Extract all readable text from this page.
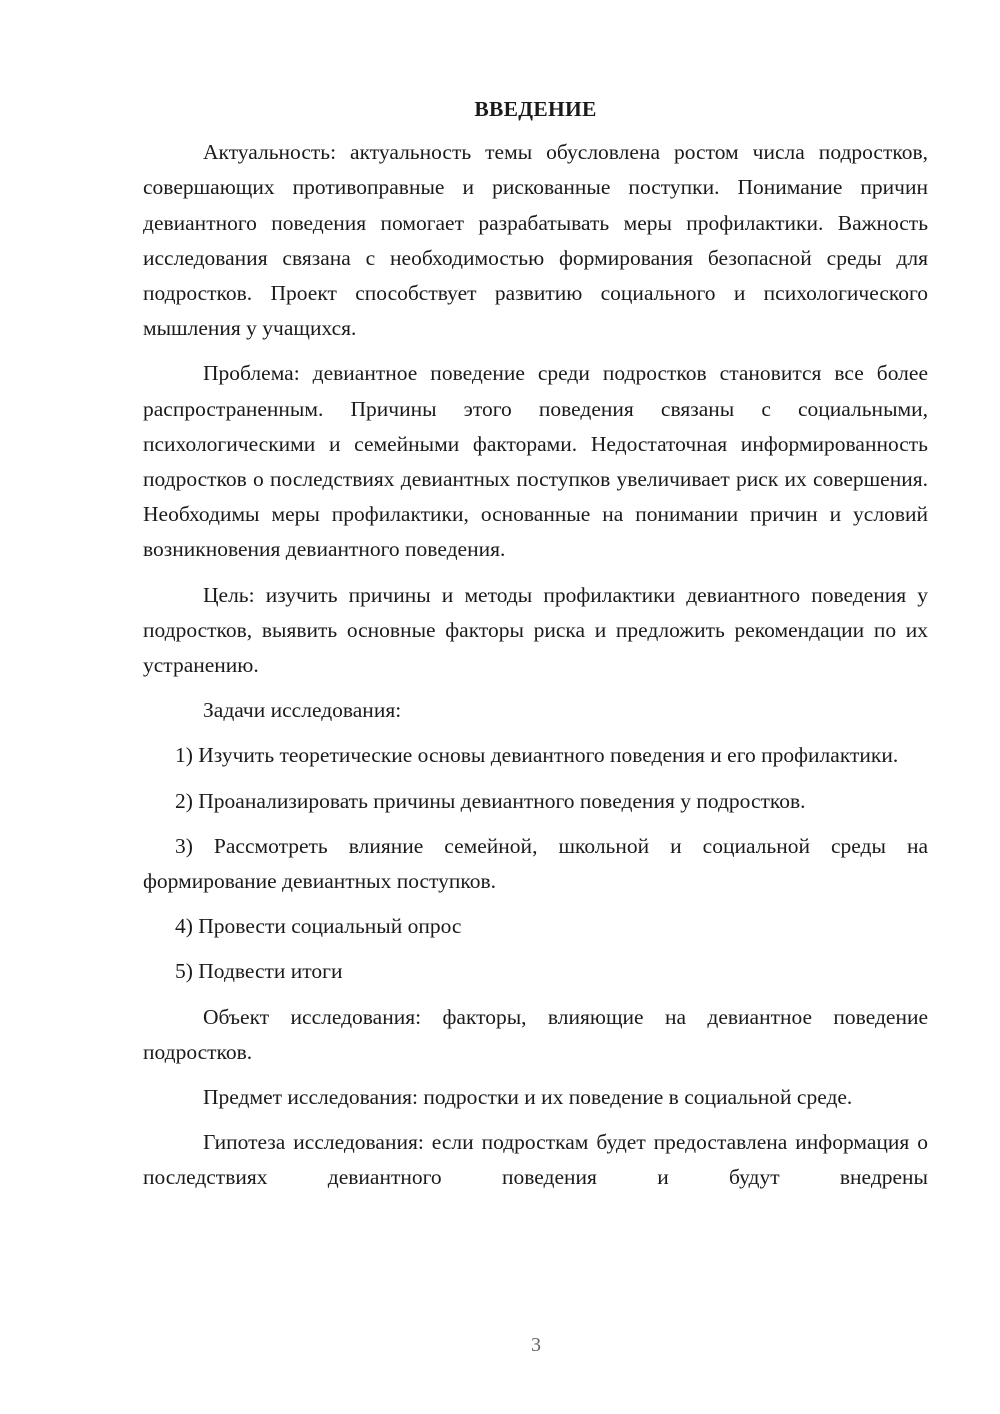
ВВЕДЕНИЕ

Актуальность: актуальность темы обусловлена ростом числа подростков, совершающих противоправные и рискованные поступки. Понимание причин девиантного поведения помогает разрабатывать меры профилактики. Важность исследования связана с необходимостью формирования безопасной среды для подростков. Проект способствует развитию социального и психологического мышления у учащихся.

Проблема: девиантное поведение среди подростков становится все более распространенным. Причины этого поведения связаны с социальными, психологическими и семейными факторами. Недостаточная информированность подростков о последствиях девиантных поступков увеличивает риск их совершения. Необходимы меры профилактики, основанные на понимании причин и условий возникновения девиантного поведения.

Цель: изучить причины и методы профилактики девиантного поведения у подростков, выявить основные факторы риска и предложить рекомендации по их устранению.

Задачи исследования:

1) Изучить теоретические основы девиантного поведения и его профилактики.

2) Проанализировать причины девиантного поведения у подростков.

3) Рассмотреть влияние семейной, школьной и социальной среды на формирование девиантных поступков.

4) Провести социальный опрос

5) Подвести итоги

Объект исследования: факторы, влияющие на девиантное поведение подростков.

Предмет исследования: подростки и их поведение в социальной среде.

Гипотеза исследования: если подросткам будет предоставлена информация о последствиях девиантного поведения и будут внедрены

3
